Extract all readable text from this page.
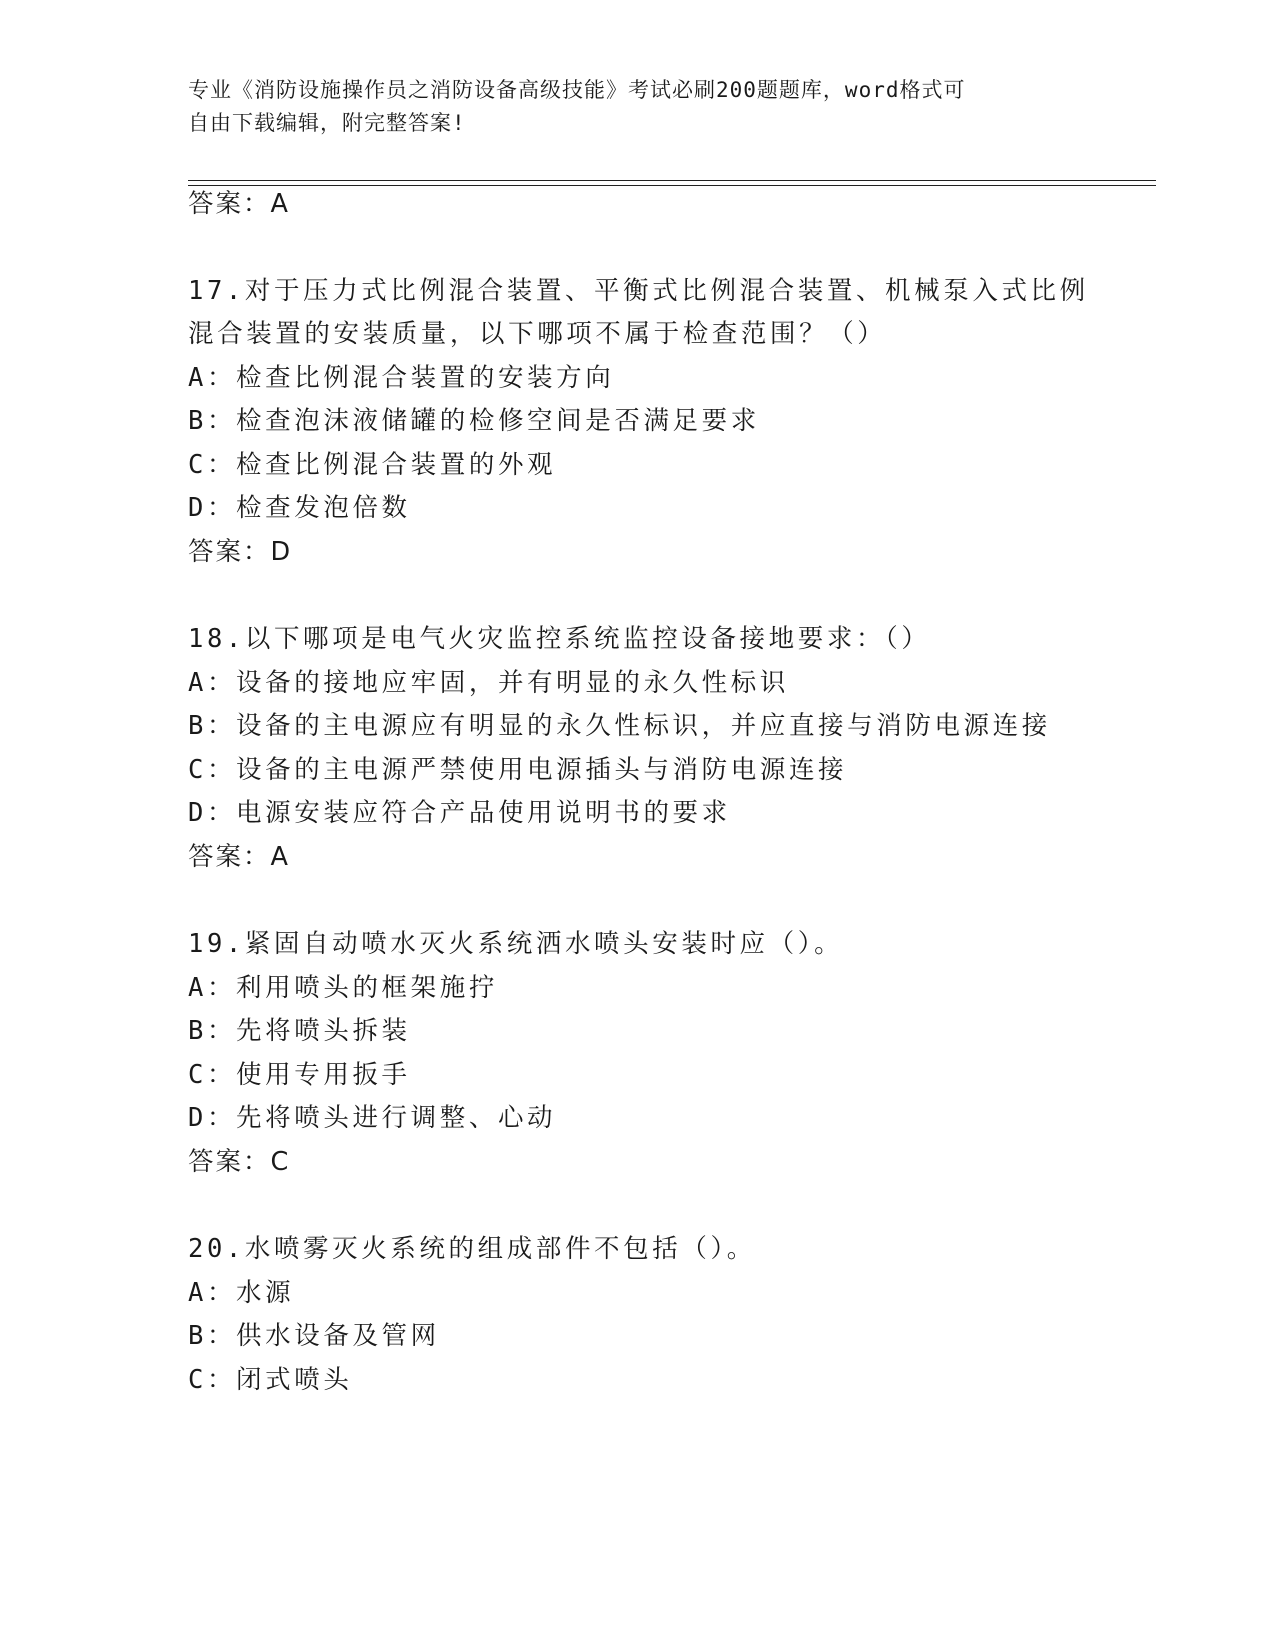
专业《消防设施操作员之消防设备高级技能》考试必刷200题题库，word格式可
自由下载编辑，附完整答案!
答案：A
17.对于压力式比例混合装置、平衡式比例混合装置、机械泵入式比例
混合装置的安装质量，以下哪项不属于检查范围？（）
A：检查比例混合装置的安装方向
B：检查泡沫液储罐的检修空间是否满足要求
C：检查比例混合装置的外观
D：检查发泡倍数
答案：D
18.以下哪项是电气火灾监控系统监控设备接地要求：（）
A：设备的接地应牢固，并有明显的永久性标识
B：设备的主电源应有明显的永久性标识，并应直接与消防电源连接
C：设备的主电源严禁使用电源插头与消防电源连接
D：电源安装应符合产品使用说明书的要求
答案：A
19.紧固自动喷水灭火系统洒水喷头安装时应（）。
A：利用喷头的框架施拧
B：先将喷头拆装
C：使用专用扳手
D：先将喷头进行调整、心动
答案：C
20.水喷雾灭火系统的组成部件不包括（）。
A：水源
B：供水设备及管网
C：闭式喷头
